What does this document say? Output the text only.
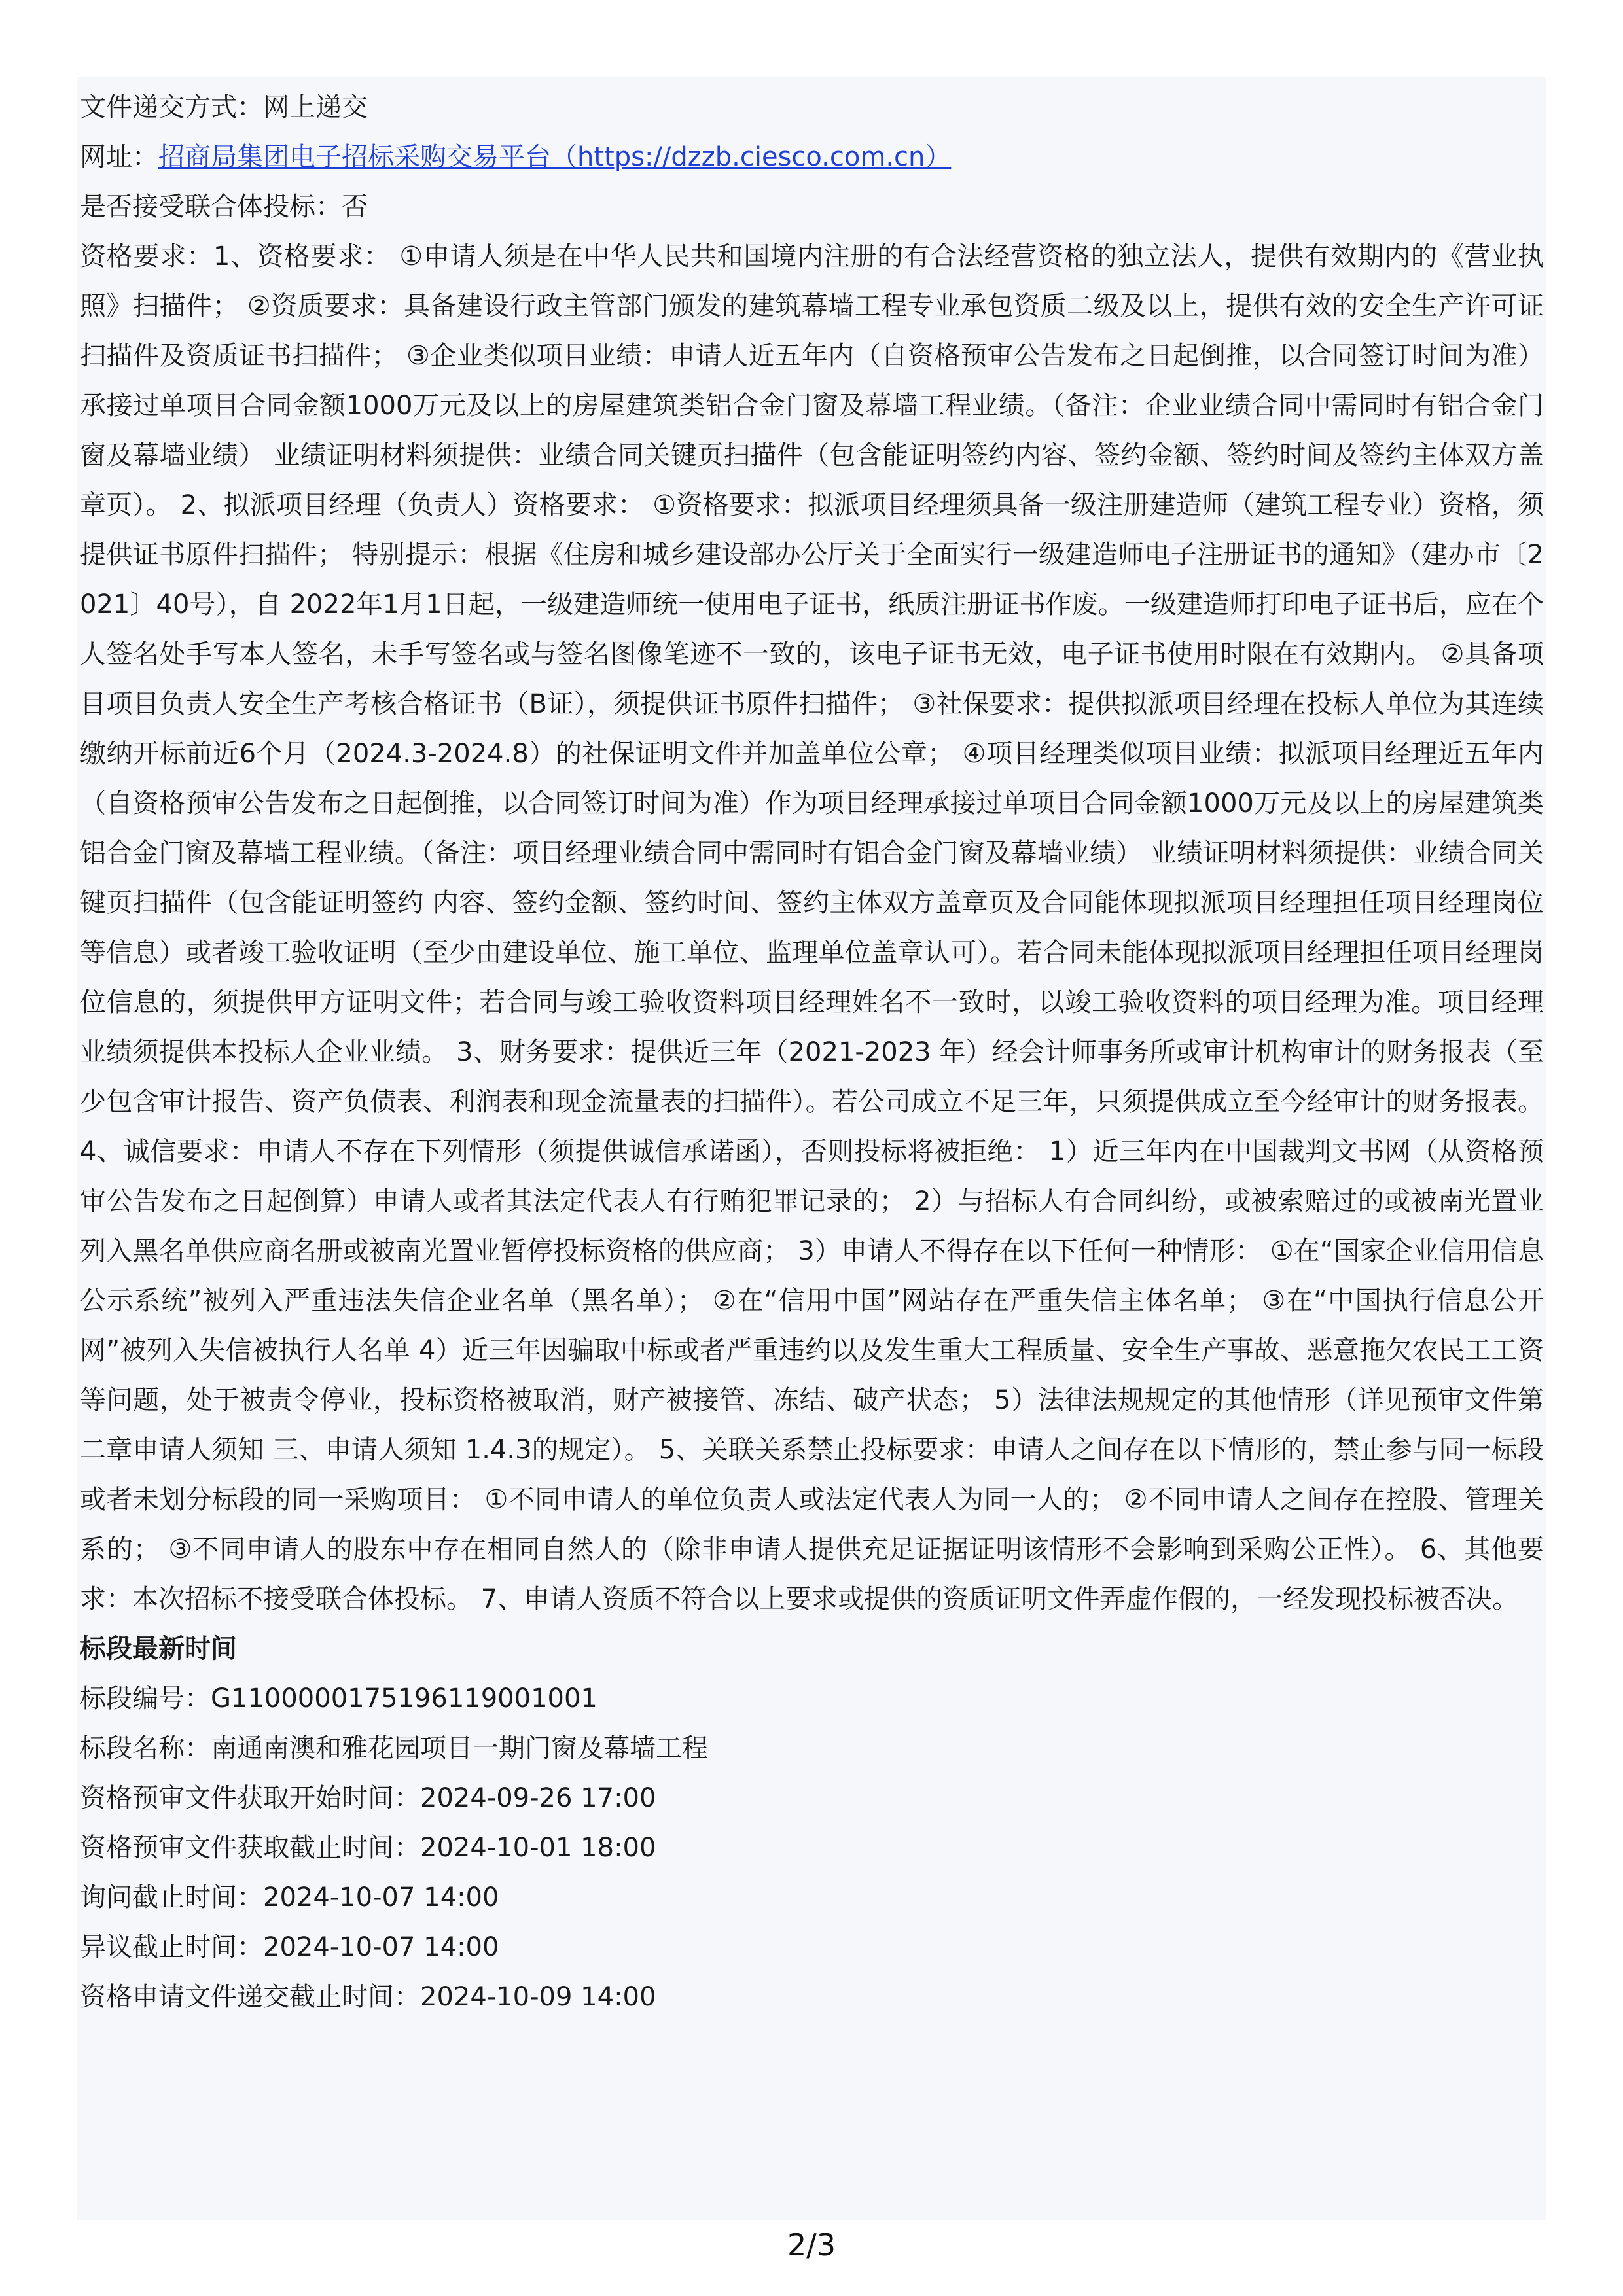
文件递交方式：网上递交
网址：招商局集团电子招标采购交易平台（https://dzzb.ciesco.com.cn）
是否接受联合体投标：否

资格要求：1、资格要求： ①申请人须是在中华人民共和国境内注册的有合法经营资格的独立法人，提供有效期内的《营业执照》扫描件； ②资质要求：具备建设行政主管部门颁发的建筑幕墙工程专业承包资质二级及以上，提供有效的安全生产许可证扫描件及资质证书扫描件； ③企业类似项目业绩：申请人近五年内（自资格预审公告发布之日起倒推，以合同签订时间为准）承接过单项目合同金额1000万元及以上的房屋建筑类铝合金门窗及幕墙工程业绩。（备注：企业业绩合同中需同时有铝合金门窗及幕墙业绩） 业绩证明材料须提供：业绩合同关键页扫描件（包含能证明签约内容、签约金额、签约时间及签约主体双方盖章页）。 2、拟派项目经理（负责人）资格要求： ①资格要求：拟派项目经理须具备一级注册建造师（建筑工程专业）资格，须提供证书原件扫描件； 特别提示：根据《住房和城乡建设部办公厅关于全面实行一级建造师电子注册证书的通知》（建办市〔2021〕40号），自 2022年1月1日起，一级建造师统一使用电子证书，纸质注册证书作废。一级建造师打印电子证书后，应在个人签名处手写本人签名，未手写签名或与签名图像笔迹不一致的，该电子证书无效，电子证书使用时限在有效期内。 ②具备项目项目负责人安全生产考核合格证书（B证），须提供证书原件扫描件； ③社保要求：提供拟派项目经理在投标人单位为其连续缴纳开标前近6个月（2024.3-2024.8）的社保证明文件并加盖单位公章； ④项目经理类似项目业绩：拟派项目经理近五年内（自资格预审公告发布之日起倒推，以合同签订时间为准）作为项目经理承接过单项目合同金额1000万元及以上的房屋建筑类铝合金门窗及幕墙工程业绩。（备注：项目经理业绩合同中需同时有铝合金门窗及幕墙业绩） 业绩证明材料须提供：业绩合同关键页扫描件（包含能证明签约 内容、签约金额、签约时间、签约主体双方盖章页及合同能体现拟派项目经理担任项目经理岗位等信息）或者竣工验收证明（至少由建设单位、施工单位、监理单位盖章认可）。若合同未能体现拟派项目经理担任项目经理岗位信息的，须提供甲方证明文件；若合同与竣工验收资料项目经理姓名不一致时，以竣工验收资料的项目经理为准。项目经理业绩须提供本投标人企业业绩。 3、财务要求：提供近三年（2021-2023 年）经会计师事务所或审计机构审计的财务报表（至少包含审计报告、资产负债表、利润表和现金流量表的扫描件）。若公司成立不足三年，只须提供成立至今经审计的财务报表。 4、诚信要求：申请人不存在下列情形（须提供诚信承诺函），否则投标将被拒绝： 1）近三年内在中国裁判文书网（从资格预审公告发布之日起倒算）申请人或者其法定代表人有行贿犯罪记录的； 2）与招标人有合同纠纷，或被索赔过的或被南光置业列入黑名单供应商名册或被南光置业暂停投标资格的供应商； 3）申请人不得存在以下任何一种情形： ①在“国家企业信用信息公示系统”被列入严重违法失信企业名单（黑名单）； ②在“信用中国”网站存在严重失信主体名单； ③在“中国执行信息公开网”被列入失信被执行人名单 4）近三年因骗取中标或者严重违约以及发生重大工程质量、安全生产事故、恶意拖欠农民工工资等问题，处于被责令停业，投标资格被取消，财产被接管、冻结、破产状态； 5）法律法规规定的其他情形（详见预审文件第二章申请人须知 三、申请人须知 1.4.3的规定）。 5、关联关系禁止投标要求：申请人之间存在以下情形的，禁止参与同一标段或者未划分标段的同一采购项目： ①不同申请人的单位负责人或法定代表人为同一人的； ②不同申请人之间存在控股、管理关系的； ③不同申请人的股东中存在相同自然人的（除非申请人提供充足证据证明该情形不会影响到采购公正性）。 6、其他要求：本次招标不接受联合体投标。 7、申请人资质不符合以上要求或提供的资质证明文件弄虚作假的，一经发现投标被否决。

标段最新时间
标段编号：G1100000175196119001001
标段名称：南通南澳和雅花园项目一期门窗及幕墙工程
资格预审文件获取开始时间：2024-09-26 17:00
资格预审文件获取截止时间：2024-10-01 18:00
询问截止时间：2024-10-07 14:00
异议截止时间：2024-10-07 14:00
资格申请文件递交截止时间：2024-10-09 14:00
2/3
